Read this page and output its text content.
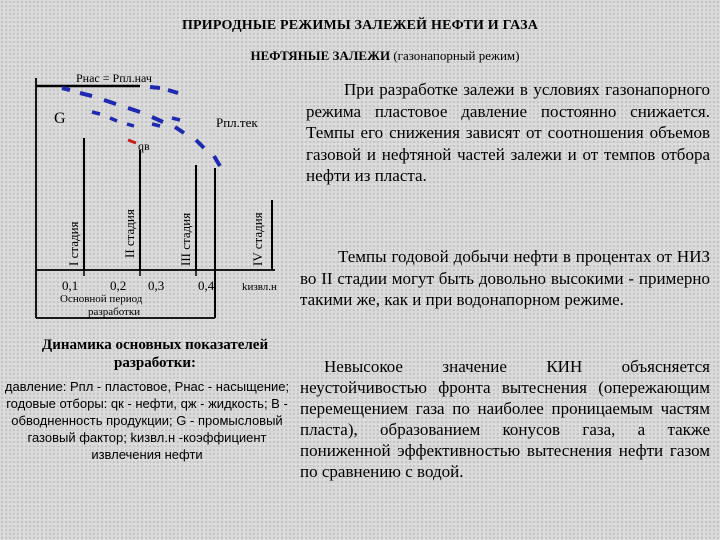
ПРИРОДНЫЕ РЕЖИМЫ ЗАЛЕЖЕЙ НЕФТИ И ГАЗА
НЕФТЯНЫЕ ЗАЛЕЖИ (газонапорный режим)
Рнас = Рпл.нач
G	Рпл.тек
qв
I стадия	II стадия	III стадия	IV стадия
0,1 0,2 0,3	0,4	kизвл.н
Основной период
разработки
Динамика основных показателей разработки:
давление: Рпл - пластовое, Рнас - насыщение; годовые отборы: qк - нефти, qж - жидкость; В - обводненность продукции; G - промысловый газовый фактор; kизвл.н -коэффициент извлечения нефти
При разработке залежи в условиях газонапорного режима пластовое давление постоянно снижается. Темпы его снижения зависят от соотношения объемов газовой и нефтяной частей залежи и от темпов отбора нефти из пласта.
Темпы годовой добычи нефти в процентах от НИЗ во II стадии могут быть довольно высокими - примерно такими же, как и при водонапорном режиме.
Невысокое значение КИН объясняется неустойчивостью фронта вытеснения (опережающим перемещением газа по наиболее проницаемым частям пласта), образованием конусов газа, а также пониженной эффективностью вытеснения нефти газом по сравнению с водой.
